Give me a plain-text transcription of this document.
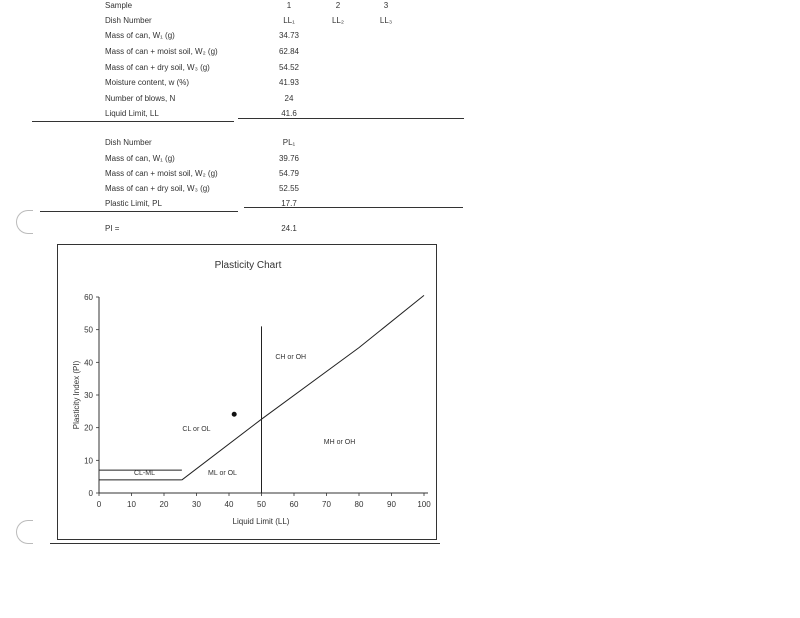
Sample	1	2	3
Dish Number	LL₁	LL₂	LL₃
Mass of can, W₁ (g)	34.73
Mass of can + moist soil, W₂ (g)	62.84
Mass of can + dry soil, W₃ (g)	54.52
Moisture content, w (%)	41.93
Number of blows, N	24
Liquid Limit, LL	41.6
Dish Number	PL₁
Mass of can, W₁ (g)	39.76
Mass of can + moist soil, W₂ (g)	54.79
Mass of can + dry soil, W₃ (g)	52.55
Plastic Limit, PL	17.7
PI =	24.1
Plasticity Chart
Liquid Limit (LL)
Plasticity Index (PI)
0	10	20	30	40	50	60	70	80	90	100
0
10
20
30
40
50
60
CL-ML
CL or OL
ML or OL
CH or OH
MH or OH
